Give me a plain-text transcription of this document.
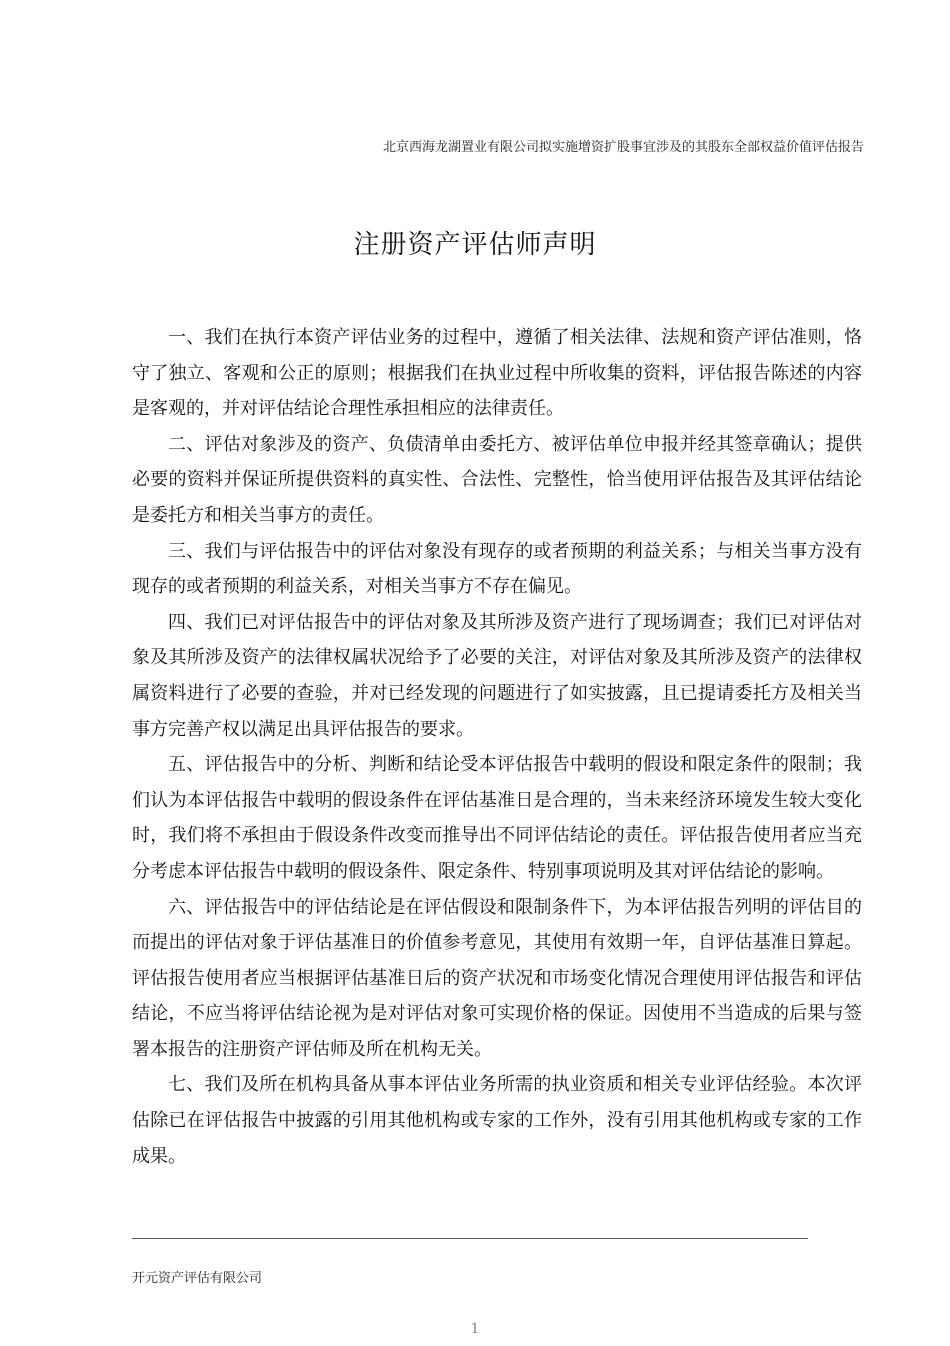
北京西海龙湖置业有限公司拟实施增资扩股事宜涉及的其股东全部权益价值评估报告
注册资产评估师声明

一、我们在执行本资产评估业务的过程中，遵循了相关法律、法规和资产评估准则，恪守了独立、客观和公正的原则；根据我们在执业过程中所收集的资料，评估报告陈述的内容是客观的，并对评估结论合理性承担相应的法律责任。

二、评估对象涉及的资产、负债清单由委托方、被评估单位申报并经其签章确认；提供必要的资料并保证所提供资料的真实性、合法性、完整性，恰当使用评估报告及其评估结论是委托方和相关当事方的责任。

三、我们与评估报告中的评估对象没有现存的或者预期的利益关系；与相关当事方没有现存的或者预期的利益关系，对相关当事方不存在偏见。

四、我们已对评估报告中的评估对象及其所涉及资产进行了现场调查；我们已对评估对象及其所涉及资产的法律权属状况给予了必要的关注，对评估对象及其所涉及资产的法律权属资料进行了必要的查验，并对已经发现的问题进行了如实披露，且已提请委托方及相关当事方完善产权以满足出具评估报告的要求。

五、评估报告中的分析、判断和结论受本评估报告中载明的假设和限定条件的限制；我们认为本评估报告中载明的假设条件在评估基准日是合理的，当未来经济环境发生较大变化时，我们将不承担由于假设条件改变而推导出不同评估结论的责任。评估报告使用者应当充分考虑本评估报告中载明的假设条件、限定条件、特别事项说明及其对评估结论的影响。

六、评估报告中的评估结论是在评估假设和限制条件下，为本评估报告列明的评估目的而提出的评估对象于评估基准日的价值参考意见，其使用有效期一年，自评估基准日算起。评估报告使用者应当根据评估基准日后的资产状况和市场变化情况合理使用评估报告和评估结论，不应当将评估结论视为是对评估对象可实现价格的保证。因使用不当造成的后果与签署本报告的注册资产评估师及所在机构无关。

七、我们及所在机构具备从事本评估业务所需的执业资质和相关专业评估经验。本次评估除已在评估报告中披露的引用其他机构或专家的工作外，没有引用其他机构或专家的工作成果。

开元资产评估有限公司
1
